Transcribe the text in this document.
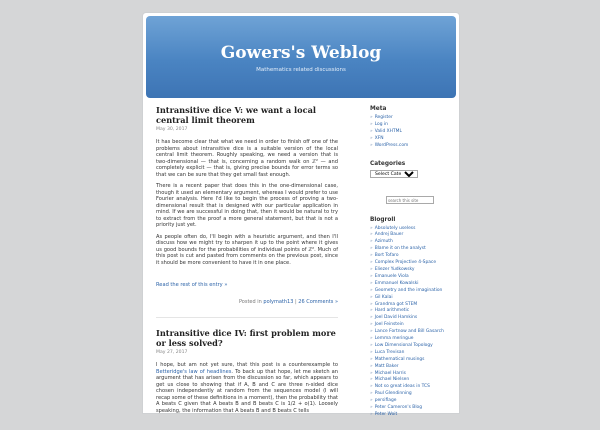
Gowers's Weblog
Mathematics related discussions
Intransitive dice V: we want a local central limit theorem
May 30, 2017

It has become clear that what we need in order to finish off one of the problems about intransitive dice is a suitable version of the local central limit theorem. Roughly speaking, we need a version that is two-dimensional — that is, concerning a random walk on ℤ² — and completely explicit — that is, giving precise bounds for error terms so that we can be sure that they get small fast enough.

There is a recent paper that does this in the one-dimensional case, though it used an elementary argument, whereas I would prefer to use Fourier analysis. Here I'd like to begin the process of proving a two-dimensional result that is designed with our particular application in mind. If we are successful in doing that, then it would be natural to try to extract from the proof a more general statement, but that is not a priority just yet.

As people often do, I'll begin with a heuristic argument, and then I'll discuss how we might try to sharpen it up to the point where it gives us good bounds for the probabilities of individual points of ℤ². Much of this post is cut and pasted from comments on the previous post, since it should be more convenient to have it in one place.

Read the rest of this entry »
Posted in polymath13 | 26 Comments »
Intransitive dice IV: first problem more or less solved?
May 27, 2017

I hope, but am not yet sure, that this post is a counterexample to Betteridge's law of headlines. To back up that hope, let me sketch an argument that has arisen from the discussion so far, which appears to get us close to showing that if A, B and C are three n-sided dice chosen independently at random from the sequences model (I will recap some of these definitions in a moment), then the probability that A beats C given that A beats B and B beats C is 1/2 + o(1). Loosely speaking, the information that A beats B and B beats C tells

Meta
» Register
» Log in
» Valid XHTML
» XFN
» WordPress.com
Categories
Select Category
search this site
Blogroll
» Absolutely useless
» Andrej Bauer
» Azimuth
» Blame it on the analyst
» Bort Tofaro
» Complex Projective 4-Space
» Eliezer Yudkowsky
» Emanuele Viola
» Emmanuel Kowalski
» Geometry and the imagination
» Gil Kalai
» Grandma got STEM
» Hard arithmetic
» Joel David Hamkins
» Joel Feinstein
» Lance Fortnow and Bill Gasarch
» Lemma meringue
» Low Dimensional Topology
» Luca Trevisan
» Mathematical musings
» Matt Baker
» Michael Harris
» Michael Nielsen
» Not so great ideas in TCS
» Paul Glendinning
» persiflage
» Peter Cameron's Blog
» Peter Woit
